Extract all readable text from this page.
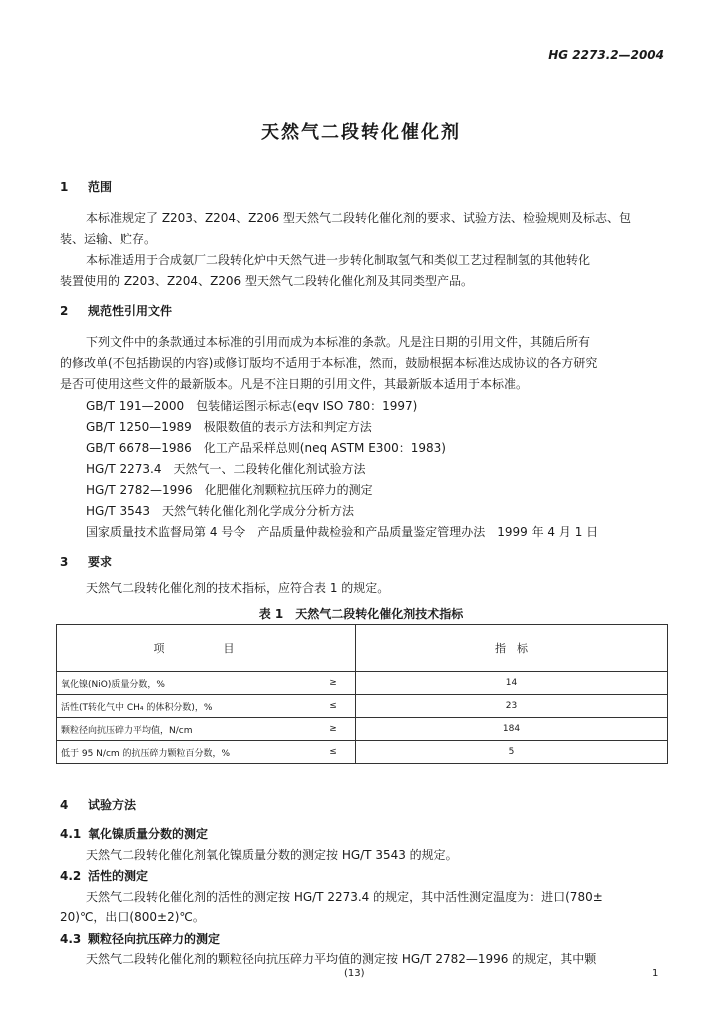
HG 2273.2—2004
天然气二段转化催化剂
1 范围
本标准规定了 Z203、Z204、Z206 型天然气二段转化催化剂的要求、试验方法、检验规则及标志、包
装、运输、贮存。
本标准适用于合成氨厂二段转化炉中天然气进一步转化制取氢气和类似工艺过程制氢的其他转化
装置使用的 Z203、Z204、Z206 型天然气二段转化催化剂及其同类型产品。
2 规范性引用文件
下列文件中的条款通过本标准的引用而成为本标准的条款。凡是注日期的引用文件，其随后所有
的修改单(不包括勘误的内容)或修订版均不适用于本标准，然而，鼓励根据本标准达成协议的各方研究
是否可使用这些文件的最新版本。凡是不注日期的引用文件，其最新版本适用于本标准。
GB/T 191—2000　包装储运图示标志(eqv ISO 780：1997)
GB/T 1250—1989　极限数值的表示方法和判定方法
GB/T 6678—1986　化工产品采样总则(neq ASTM E300：1983)
HG/T 2273.4　天然气一、二段转化催化剂试验方法
HG/T 2782—1996　化肥催化剂颗粒抗压碎力的测定
HG/T 3543　天然气转化催化剂化学成分分析方法
国家质量技术监督局第 4 号令　产品质量仲裁检验和产品质量鉴定管理办法　1999 年 4 月 1 日
3 要求
天然气二段转化催化剂的技术指标，应符合表 1 的规定。
表 1　天然气二段转化催化剂技术指标
项　目		指　标
氧化镍(NiO)质量分数，%	≥	14
活性(T转化气中 CH₄ 的体积分数)，%	≤	23
颗粒径向抗压碎力平均值，N/cm	≥	184
低于 95 N/cm 的抗压碎力颗粒百分数，%	≤	5
4 试验方法
4.1 氧化镍质量分数的测定
天然气二段转化催化剂氧化镍质量分数的测定按 HG/T 3543 的规定。
4.2 活性的测定
天然气二段转化催化剂的活性的测定按 HG/T 2273.4 的规定，其中活性测定温度为：进口(780±
20)℃，出口(800±2)℃。
4.3 颗粒径向抗压碎力的测定
天然气二段转化催化剂的颗粒径向抗压碎力平均值的测定按 HG/T 2782—1996 的规定，其中颗
(13)	1
